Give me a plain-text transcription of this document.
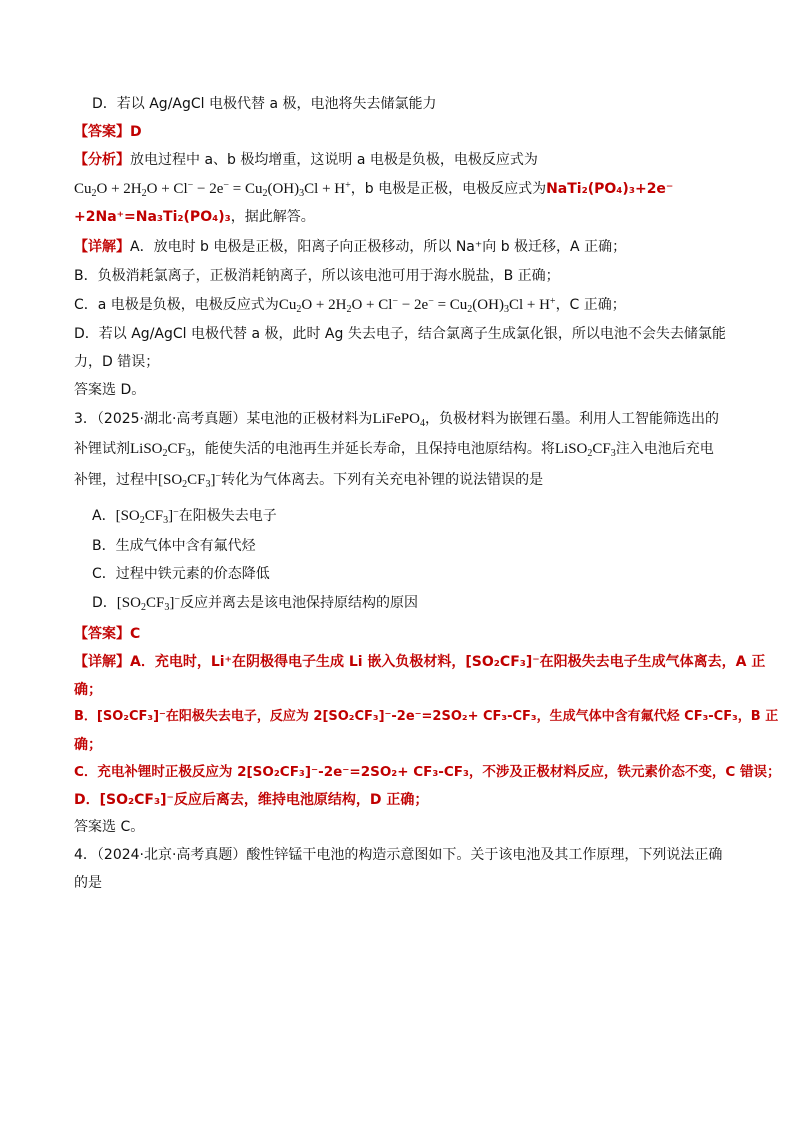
D．若以 Ag/AgCl 电极代替 a 极，电池将失去储氯能力
【答案】D
【分析】放电过程中 a、b 极均增重，这说明 a 电极是负极，电极反应式为
$Cu_2O + 2H_2O + Cl^- - 2e^- = Cu_2(OH)_3Cl + H^+$，b 电极是正极，电极反应式为NaTi₂(PO₄)₃+2e⁻
+2Na⁺=Na₃Ti₂(PO₄)₃，据此解答。
【详解】A．放电时 b 电极是正极，阳离子向正极移动，所以 Na⁺向 b 极迁移，A 正确；
B．负极消耗氯离子，正极消耗钠离子，所以该电池可用于海水脱盐，B 正确；
C．a 电极是负极，电极反应式为$Cu_2O + 2H_2O + Cl^- - 2e^- = Cu_2(OH)_3Cl + H^+$，C 正确；
D．若以 Ag/AgCl 电极代替 a 极，此时 Ag 失去电子，结合氯离子生成氯化银，所以电池不会失去储氯能
力，D 错误；
答案选 D。
3．（2025·湖北·高考真题）某电池的正极材料为LiFePO$_4$，负极材料为嵌锂石墨。利用人工智能筛选出的
补锂试剂$LiSO_2CF_3$，能使失活的电池再生并延长寿命，且保持电池原结构。将$LiSO_2CF_3$注入电池后充电
补锂，过程中$[SO_2CF_3]^-$转化为气体离去。下列有关充电补锂的说法错误的是
A．$[SO_2CF_3]^-$在阳极失去电子
B．生成气体中含有氟代烃
C．过程中铁元素的价态降低
D．$[SO_2CF_3]^-$反应并离去是该电池保持原结构的原因
【答案】C
【详解】A．充电时，Li⁺在阴极得电子生成 Li 嵌入负极材料，[SO₂CF₃]⁻在阳极失去电子生成气体离去，A 正
确；
B．[SO₂CF₃]⁻在阳极失去电子，反应为 2[SO₂CF₃]⁻-2e⁻=2SO₂+ CF₃-CF₃，生成气体中含有氟代烃 CF₃-CF₃，B 正
确；
C．充电补锂时正极反应为 2[SO₂CF₃]⁻-2e⁻=2SO₂+ CF₃-CF₃，不涉及正极材料反应，铁元素价态不变，C 错误；
D．[SO₂CF₃]⁻反应后离去，维持电池原结构，D 正确；
答案选 C。
4．（2024·北京·高考真题）酸性锌锰干电池的构造示意图如下。关于该电池及其工作原理，下列说法正确
的是
